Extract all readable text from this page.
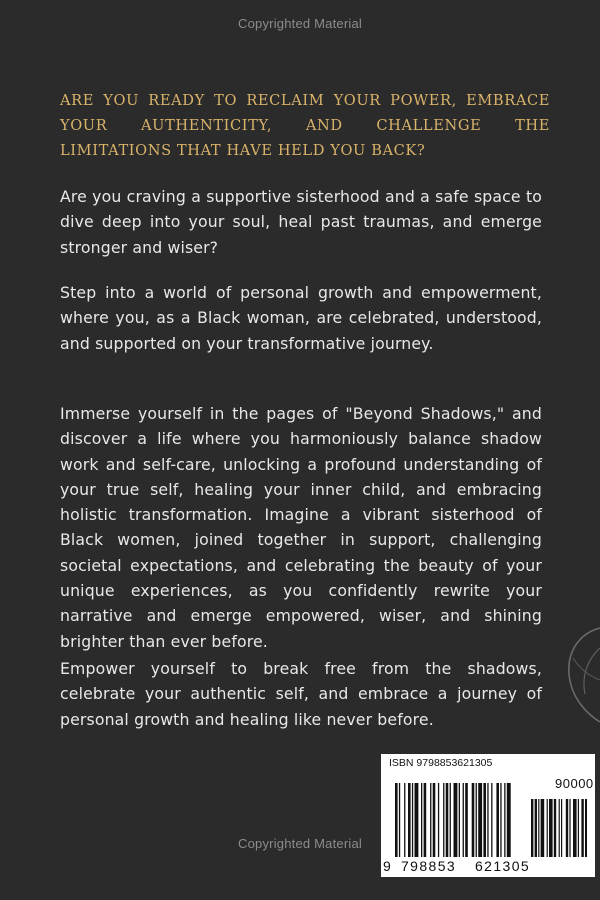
Copyrighted Material

ARE YOU READY TO RECLAIM YOUR POWER, EMBRACE YOUR AUTHENTICITY, AND CHALLENGE THE LIMITATIONS THAT HAVE HELD YOU BACK?

Are you craving a supportive sisterhood and a safe space to dive deep into your soul, heal past traumas, and emerge stronger and wiser?

Step into a world of personal growth and empowerment, where you, as a Black woman, are celebrated, understood, and supported on your transformative journey.

Immerse yourself in the pages of "Beyond Shadows," and discover a life where you harmoniously balance shadow work and self-care, unlocking a profound understanding of your true self, healing your inner child, and embracing holistic transformation. Imagine a vibrant sisterhood of Black women, joined together in support, challenging societal expectations, and celebrating the beauty of your unique experiences, as you confidently rewrite your narrative and emerge empowered, wiser, and shining brighter than ever before.

Empower yourself to break free from the shadows, celebrate your authentic self, and embrace a journey of personal growth and healing like never before.

ISBN 9798853621305
90000
9 798853 621305
Copyrighted Material
